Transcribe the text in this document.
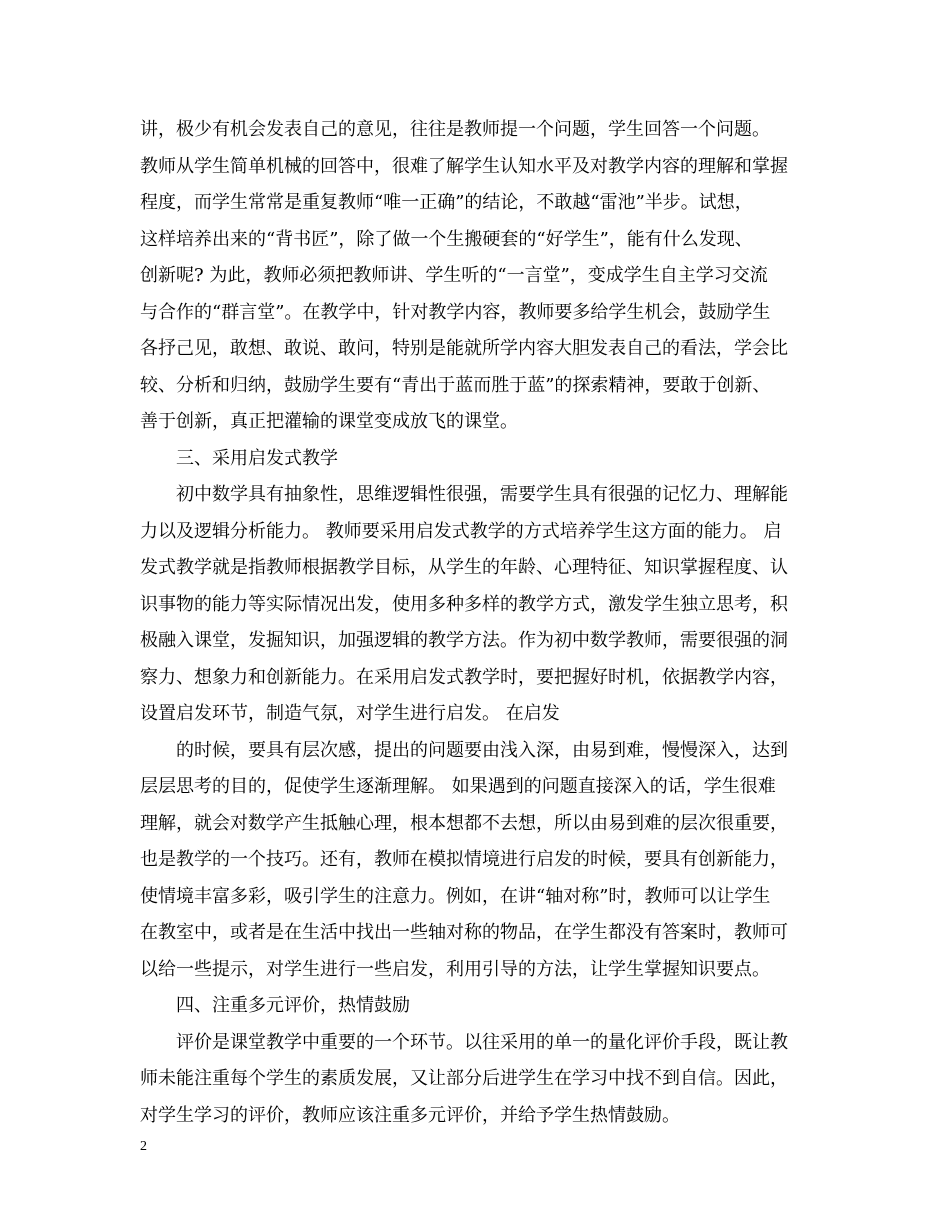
讲，极少有机会发表自己的意见，往往是教师提一个问题，学生回答一个问题。
教师从学生简单机械的回答中，很难了解学生认知水平及对教学内容的理解和掌握
程度，而学生常常是重复教师“唯一正确”的结论，不敢越“雷池”半步。试想，
这样培养出来的“背书匠”，除了做一个生搬硬套的“好学生”，能有什么发现、
创新呢? 为此，教师必须把教师讲、学生听的“一言堂”，变成学生自主学习交流
与合作的“群言堂”。在教学中，针对教学内容，教师要多给学生机会，鼓励学生
各抒己见，敢想、敢说、敢问，特别是能就所学内容大胆发表自己的看法，学会比
较、分析和归纳，鼓励学生要有“青出于蓝而胜于蓝”的探索精神，要敢于创新、
善于创新，真正把灌输的课堂变成放飞的课堂。
三、采用启发式教学
初中数学具有抽象性，思维逻辑性很强，需要学生具有很强的记忆力、理解能
力以及逻辑分析能力。 教师要采用启发式教学的方式培养学生这方面的能力。 启
发式教学就是指教师根据教学目标，从学生的年龄、心理特征、知识掌握程度、认
识事物的能力等实际情况出发，使用多种多样的教学方式，激发学生独立思考，积
极融入课堂，发掘知识，加强逻辑的教学方法。作为初中数学教师，需要很强的洞
察力、想象力和创新能力。在采用启发式教学时，要把握好时机，依据教学内容，
设置启发环节，制造气氛，对学生进行启发。 在启发
的时候，要具有层次感，提出的问题要由浅入深，由易到难，慢慢深入，达到
层层思考的目的，促使学生逐渐理解。 如果遇到的问题直接深入的话，学生很难
理解，就会对数学产生抵触心理，根本想都不去想，所以由易到难的层次很重要，
也是教学的一个技巧。还有，教师在模拟情境进行启发的时候，要具有创新能力，
使情境丰富多彩，吸引学生的注意力。例如，在讲“轴对称”时，教师可以让学生
在教室中，或者是在生活中找出一些轴对称的物品，在学生都没有答案时，教师可
以给一些提示，对学生进行一些启发，利用引导的方法，让学生掌握知识要点。
四、注重多元评价，热情鼓励
评价是课堂教学中重要的一个环节。以往采用的单一的量化评价手段，既让教
师未能注重每个学生的素质发展，又让部分后进学生在学习中找不到自信。因此，
对学生学习的评价，教师应该注重多元评价，并给予学生热情鼓励。
2
